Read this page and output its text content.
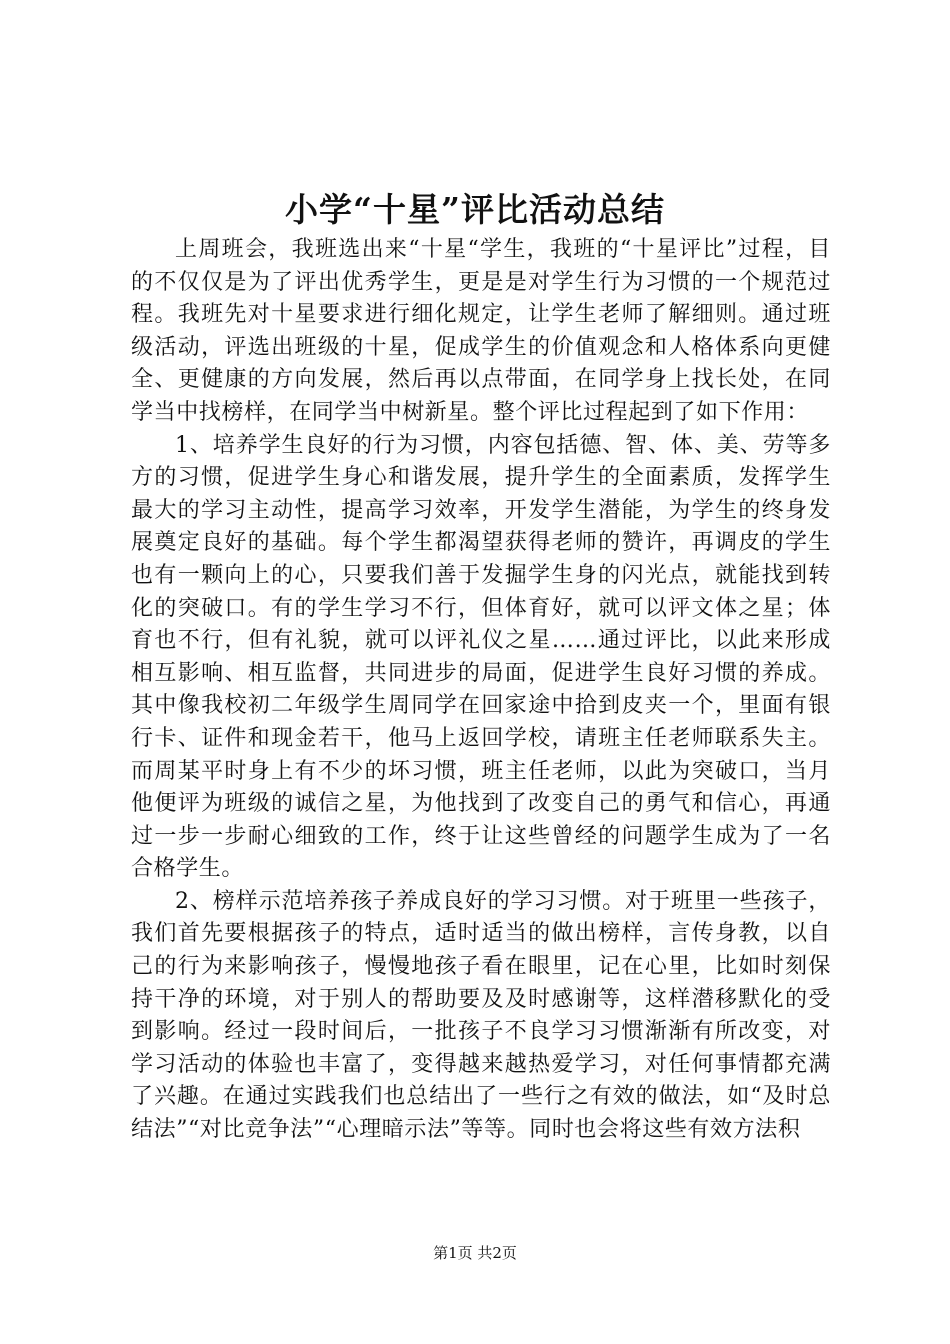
小学“十星”评比活动总结

上周班会，我班选出来“十星“学生，我班的“十星评比”过程，目的不仅仅是为了评出优秀学生，更是是对学生行为习惯的一个规范过程。我班先对十星要求进行细化规定，让学生老师了解细则。通过班级活动，评选出班级的十星，促成学生的价值观念和人格体系向更健全、更健康的方向发展，然后再以点带面，在同学身上找长处，在同学当中找榜样，在同学当中树新星。整个评比过程起到了如下作用：

1、培养学生良好的行为习惯，内容包括德、智、体、美、劳等多方的习惯，促进学生身心和谐发展，提升学生的全面素质，发挥学生最大的学习主动性，提高学习效率，开发学生潜能，为学生的终身发展奠定良好的基础。每个学生都渴望获得老师的赞许，再调皮的学生也有一颗向上的心，只要我们善于发掘学生身的闪光点，就能找到转化的突破口。有的学生学习不行，但体育好，就可以评文体之星；体育也不行，但有礼貌，就可以评礼仪之星……通过评比，以此来形成相互影响、相互监督，共同进步的局面，促进学生良好习惯的养成。其中像我校初二年级学生周同学在回家途中拾到皮夹一个，里面有银行卡、证件和现金若干，他马上返回学校，请班主任老师联系失主。而周某平时身上有不少的坏习惯，班主任老师，以此为突破口，当月他便评为班级的诚信之星，为他找到了改变自己的勇气和信心，再通过一步一步耐心细致的工作，终于让这些曾经的问题学生成为了一名合格学生。

2、榜样示范培养孩子养成良好的学习习惯。对于班里一些孩子，我们首先要根据孩子的特点，适时适当的做出榜样，言传身教，以自己的行为来影响孩子，慢慢地孩子看在眼里，记在心里，比如时刻保持干净的环境，对于别人的帮助要及及时感谢等，这样潜移默化的受到影响。经过一段时间后，一批孩子不良学习习惯渐渐有所改变，对学习活动的体验也丰富了，变得越来越热爱学习，对任何事情都充满了兴趣。在通过实践我们也总结出了一些行之有效的做法，如“及时总结法”“对比竞争法”“心理暗示法”等等。同时也会将这些有效方法积

第1页 共2页
